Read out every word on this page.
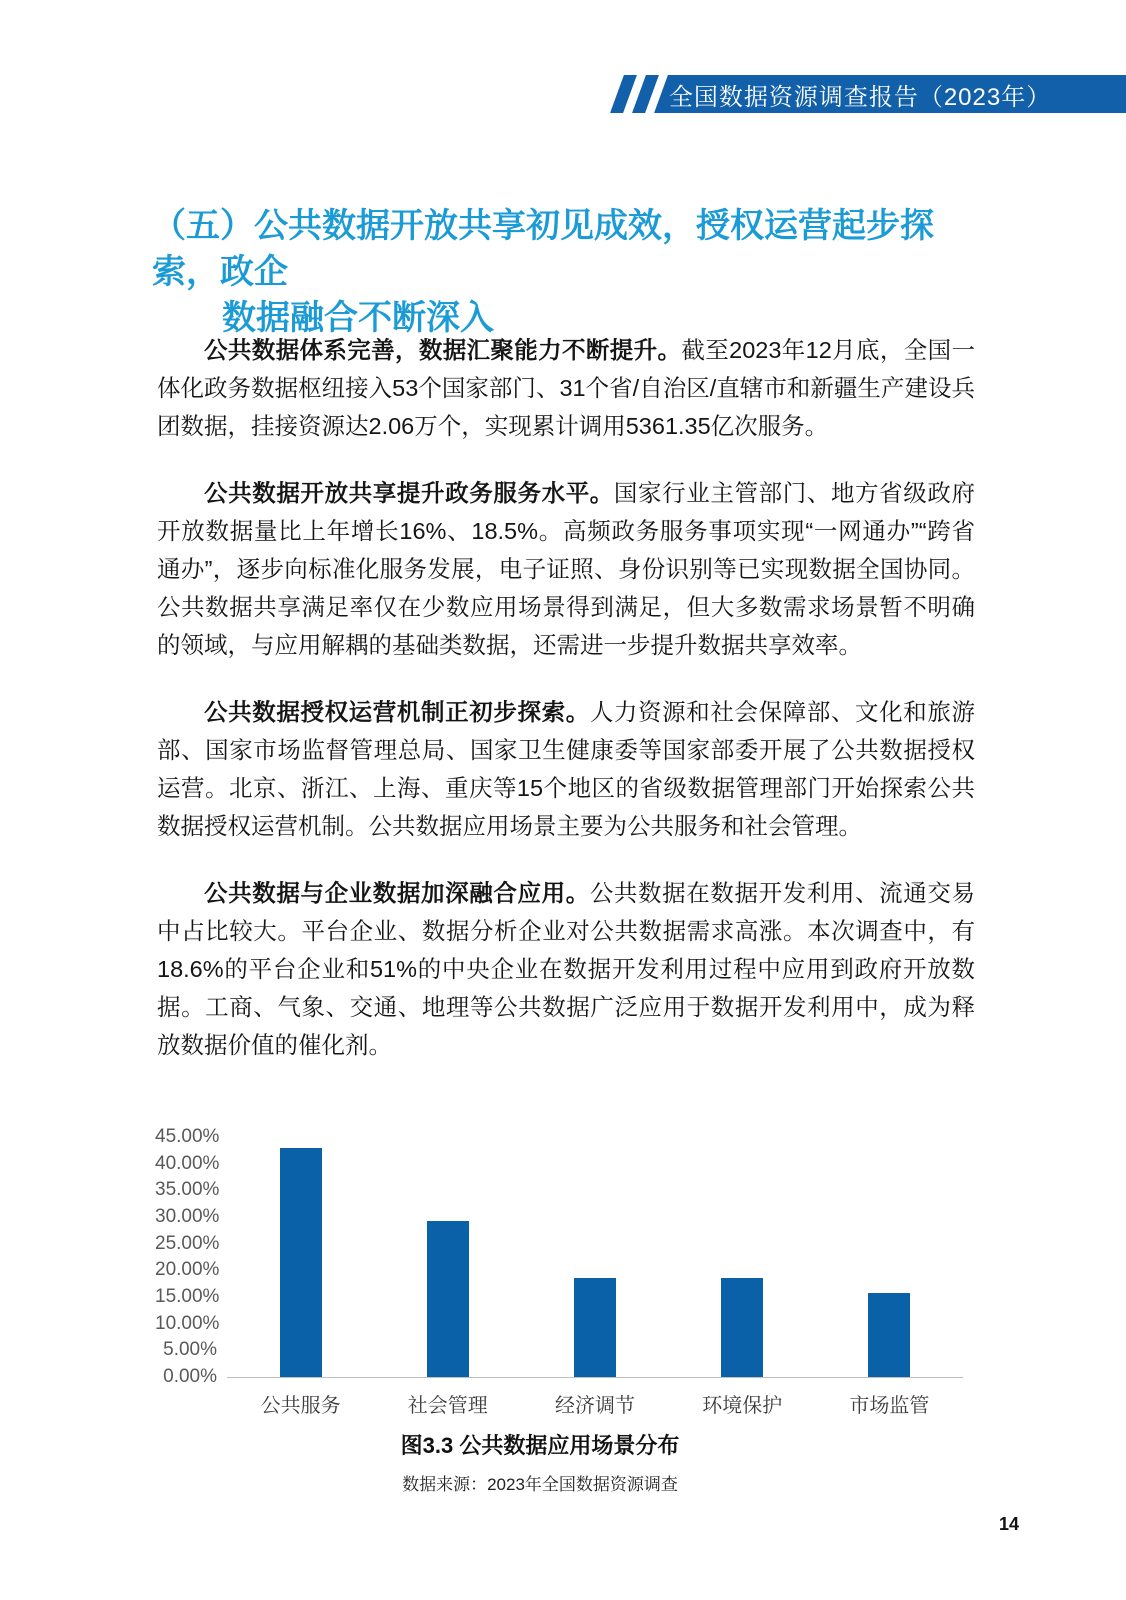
全国数据资源调查报告（2023年）
（五）公共数据开放共享初见成效，授权运营起步探索，政企
数据融合不断深入

公共数据体系完善，数据汇聚能力不断提升。截至2023年12月底，全国一体化政务数据枢纽接入53个国家部门、31个省/自治区/直辖市和新疆生产建设兵团数据，挂接资源达2.06万个，实现累计调用5361.35亿次服务。

公共数据开放共享提升政务服务水平。国家行业主管部门、地方省级政府开放数据量比上年增长16%、18.5%。高频政务服务事项实现“一网通办”“跨省通办”，逐步向标准化服务发展，电子证照、身份识别等已实现数据全国协同。公共数据共享满足率仅在少数应用场景得到满足，但大多数需求场景暂不明确的领域，与应用解耦的基础类数据，还需进一步提升数据共享效率。

公共数据授权运营机制正初步探索。人力资源和社会保障部、文化和旅游部、国家市场监督管理总局、国家卫生健康委等国家部委开展了公共数据授权运营。北京、浙江、上海、重庆等15个地区的省级数据管理部门开始探索公共数据授权运营机制。公共数据应用场景主要为公共服务和社会管理。

公共数据与企业数据加深融合应用。公共数据在数据开发利用、流通交易中占比较大。平台企业、数据分析企业对公共数据需求高涨。本次调查中，有18.6%的平台企业和51%的中央企业在数据开发利用过程中应用到政府开放数据。工商、气象、交通、地理等公共数据广泛应用于数据开发利用中，成为释放数据价值的催化剂。

公共服务	社会管理	经济调节	环境保护	市场监管
45.00%
40.00%
35.00%
30.00%
25.00%
20.00%
15.00%
10.00%
5.00%
0.00%
图3.3 公共数据应用场景分布
数据来源：2023年全国数据资源调查
14
